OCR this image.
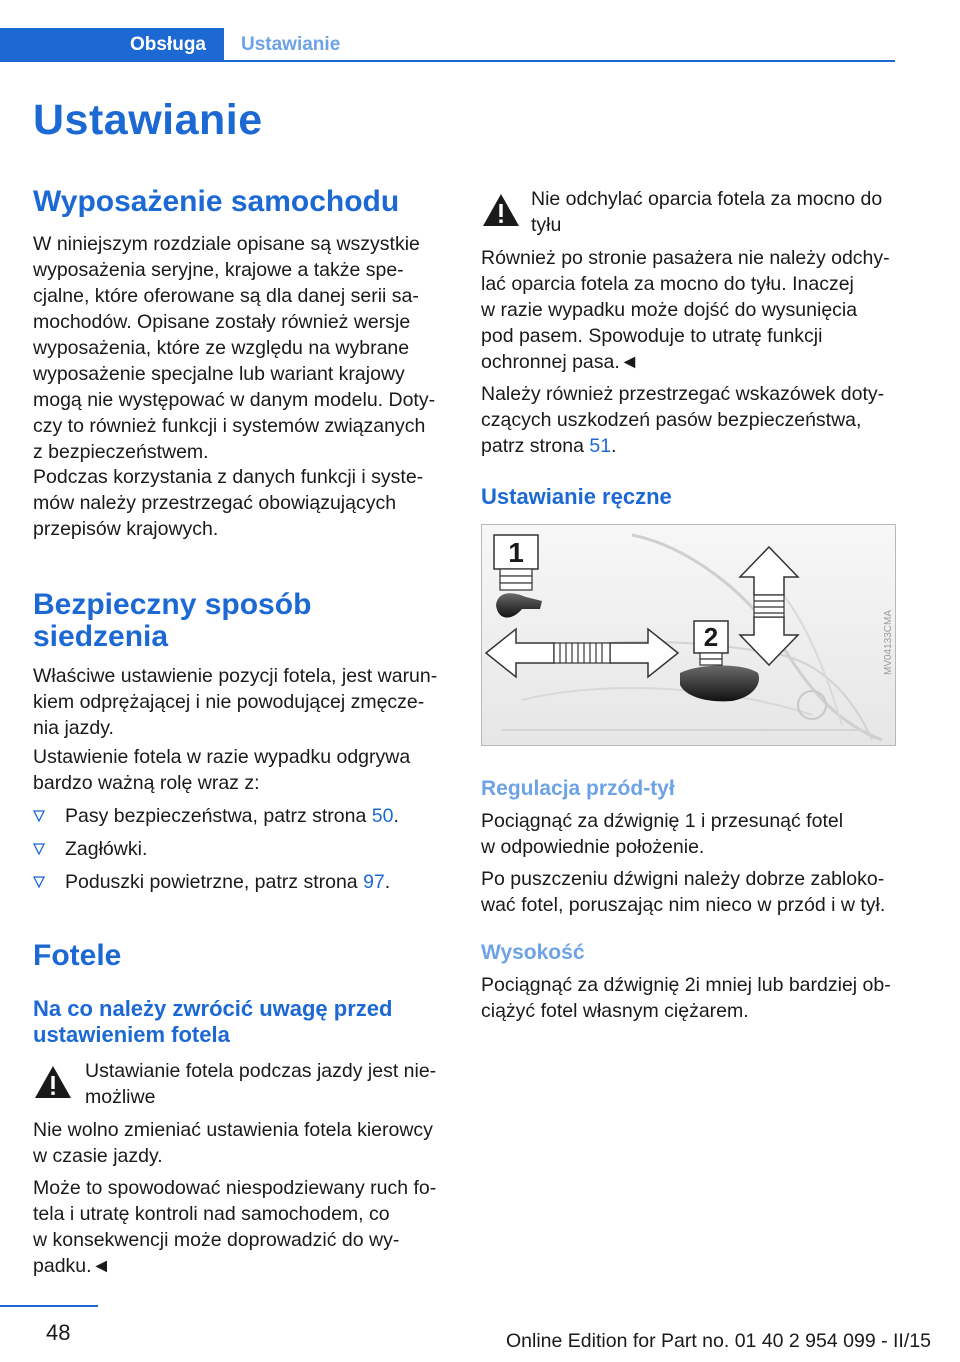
Obsługa	Ustawianie
Ustawianie
Wyposażenie samochodu
W niniejszym rozdziale opisane są wszystkie
wyposażenia seryjne, krajowe a także spe‐
cjalne, które oferowane są dla danej serii sa‐
mochodów. Opisane zostały również wersje
wyposażenia, które ze względu na wybrane
wyposażenie specjalne lub wariant krajowy
mogą nie występować w danym modelu. Doty‐
czy to również funkcji i systemów związanych
z bezpieczeństwem.
Podczas korzystania z danych funkcji i syste‐
mów należy przestrzegać obowiązujących
przepisów krajowych.
Bezpieczny sposób
siedzenia
Właściwe ustawienie pozycji fotela, jest warun‐
kiem odprężającej i nie powodującej zmęcze‐
nia jazdy.
Ustawienie fotela w razie wypadku odgrywa
bardzo ważną rolę wraz z:
Pasy bezpieczeństwa, patrz strona 50.
Zagłówki.
Poduszki powietrzne, patrz strona 97.
Fotele
Na co należy zwrócić uwagę przed
ustawieniem fotela
Ustawianie fotela podczas jazdy jest nie‐
możliwe
Nie wolno zmieniać ustawienia fotela kierowcy
w czasie jazdy.
Może to spowodować niespodziewany ruch fo‐
tela i utratę kontroli nad samochodem, co
w konsekwencji może doprowadzić do wy‐
padku.◄
Nie odchylać oparcia fotela za mocno do
tyłu
Również po stronie pasażera nie należy odchy‐
lać oparcia fotela za mocno do tyłu. Inaczej
w razie wypadku może dojść do wysunięcia
pod pasem. Spowoduje to utratę funkcji
ochronnej pasa.◄
Należy również przestrzegać wskazówek doty‐
czących uszkodzeń pasów bezpieczeństwa,
patrz strona 51.
Ustawianie ręczne
1
2	MV04133CMA
Regulacja przód-tył
Pociągnąć za dźwignię 1 i przesunąć fotel
w odpowiednie położenie.
Po puszczeniu dźwigni należy dobrze zabloko‐
wać fotel, poruszając nim nieco w przód i w tył.
Wysokość
Pociągnąć za dźwignię 2i mniej lub bardziej ob‐
ciążyć fotel własnym ciężarem.
48	Online Edition for Part no. 01 40 2 954 099 - II/15
